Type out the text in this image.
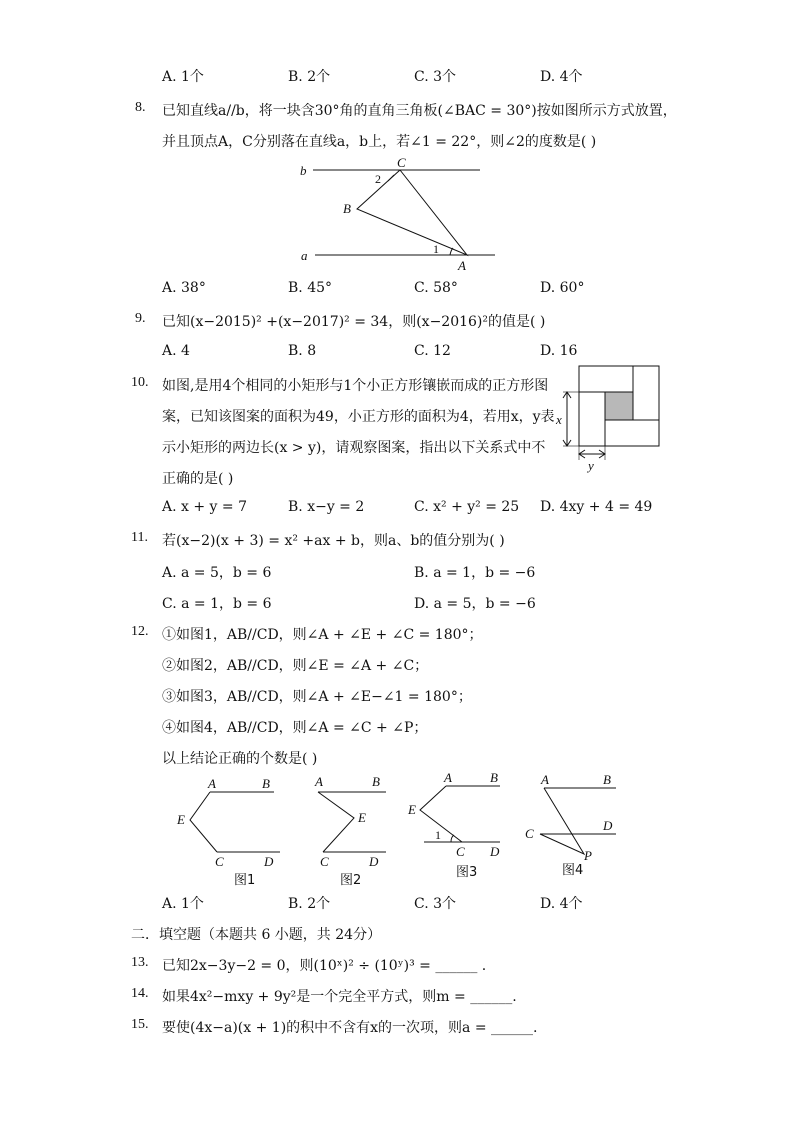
A. 1个	B. 2个	C. 3个	D. 4个
8. 已知直线a//b，将一块含30°角的直角三角板(∠BAC = 30°)按如图所示方式放置，
并且顶点A，C分别落在直线a，b上，若∠1 = 22°，则∠2的度数是( )
b
a
C
B
A
2
1
A. 38°	B. 45°	C. 58°	D. 60°
9. 已知(x−2015)² +(x−2017)² = 34，则(x−2016)²的值是( )
A. 4	B. 8	C. 12	D. 16
10. 如图,是用4个相同的小矩形与1个小正方形镶嵌而成的正方形图
案，已知该图案的面积为49，小正方形的面积为4，若用x，y表
示小矩形的两边长(x > y)，请观察图案，指出以下关系式中不
正确的是( )
x
y
A. x + y = 7	B. x−y = 2	C. x² + y² = 25 D. 4xy + 4 = 49
11. 若(x−2)(x + 3) = x² +ax + b，则a、b的值分别为( )
A. a = 5，b = 6	B. a = 1，b = −6
C. a = 1，b = 6	D. a = 5，b = −6
12. ①如图1，AB//CD，则∠A + ∠E + ∠C = 180°；
②如图2，AB//CD，则∠E = ∠A + ∠C；
③如图3，AB//CD，则∠A + ∠E−∠1 = 180°；
④如图4，AB//CD，则∠A = ∠C + ∠P；
以上结论正确的个数是( )
A	B
E
C	D
图1
A	B
E
C	D
图2
A	B
E
1
C D
图3
A	B
C
D
P
图4
A. 1个	B. 2个	C. 3个	D. 4个
二．填空题（本题共 6 小题，共 24分）
13. 已知2x−3y−2 = 0，则(10ˣ)² ÷ (10ʸ)³ = ______ .
14. 如果4x²−mxy + 9y²是一个完全平方式，则m = ______.
15. 要使(4x−a)(x + 1)的积中不含有x的一次项，则a = ______.
